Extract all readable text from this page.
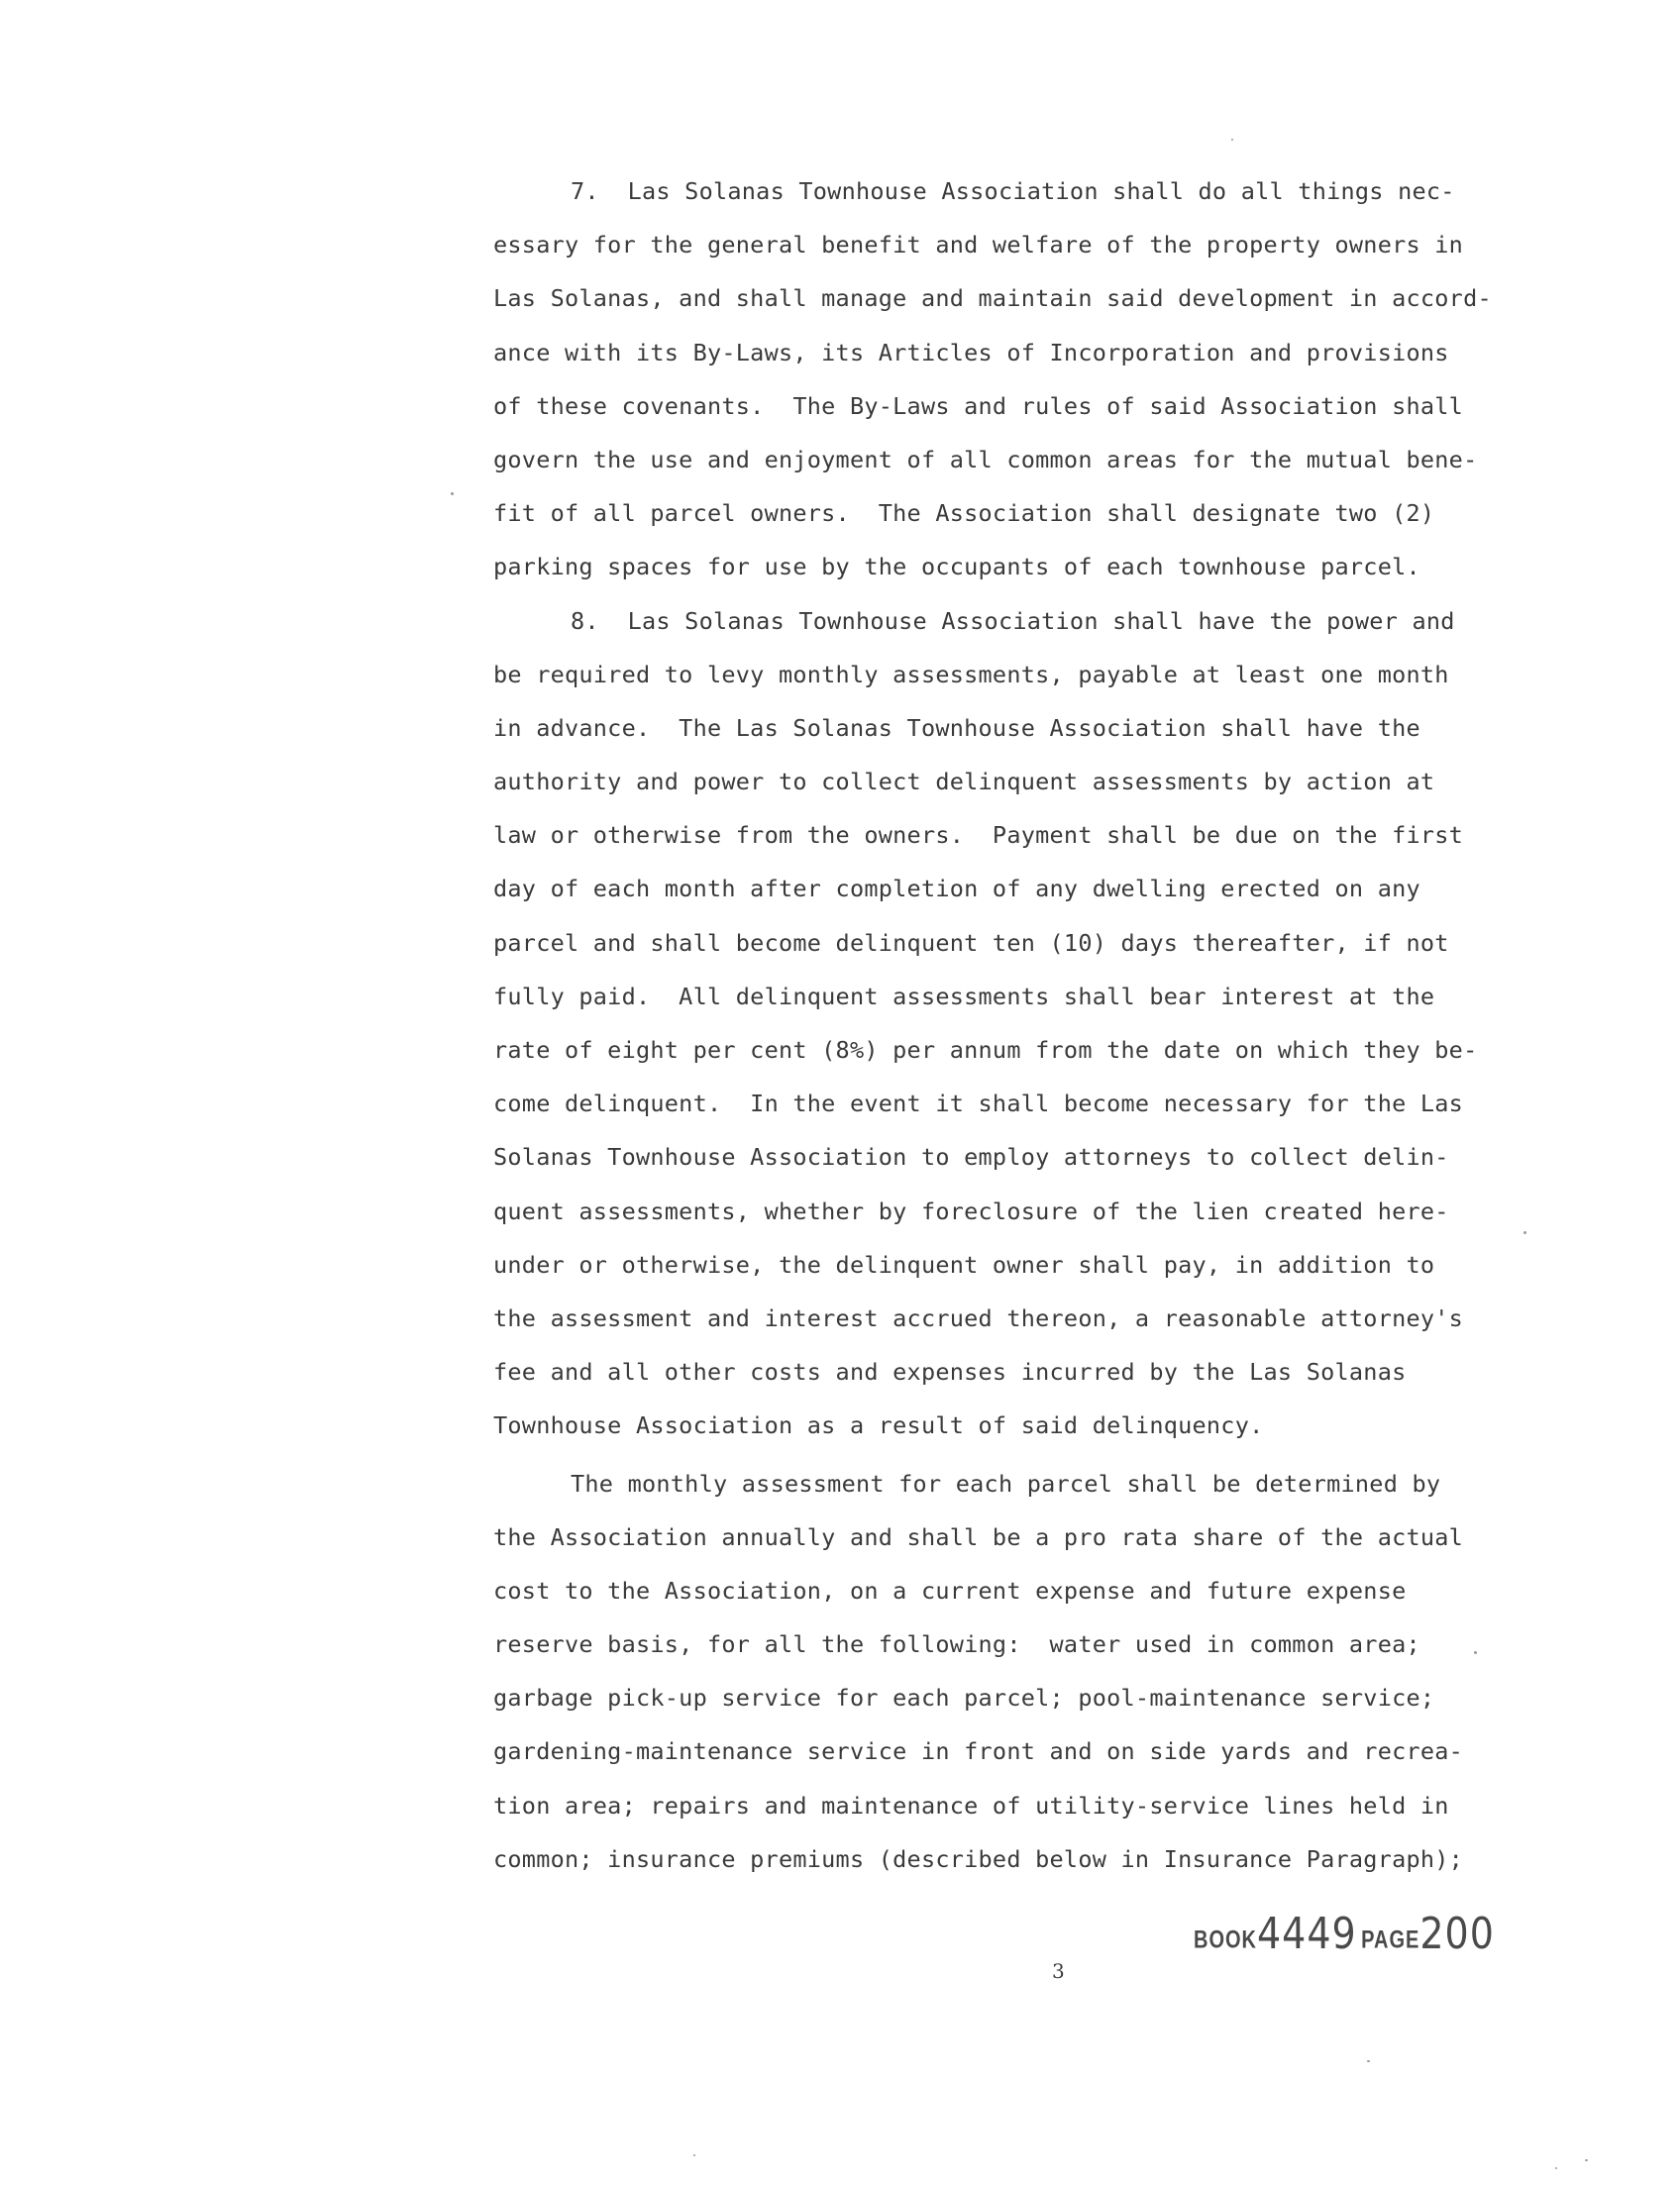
7.  Las Solanas Townhouse Association shall do all things nec-
essary for the general benefit and welfare of the property owners in
Las Solanas, and shall manage and maintain said development in accord-
ance with its By-Laws, its Articles of Incorporation and provisions
of these covenants.  The By-Laws and rules of said Association shall
govern the use and enjoyment of all common areas for the mutual bene-
fit of all parcel owners.  The Association shall designate two (2)
parking spaces for use by the occupants of each townhouse parcel.
8.  Las Solanas Townhouse Association shall have the power and
be required to levy monthly assessments, payable at least one month
in advance.  The Las Solanas Townhouse Association shall have the
authority and power to collect delinquent assessments by action at
law or otherwise from the owners.  Payment shall be due on the first
day of each month after completion of any dwelling erected on any
parcel and shall become delinquent ten (10) days thereafter, if not
fully paid.  All delinquent assessments shall bear interest at the
rate of eight per cent (8%) per annum from the date on which they be-
come delinquent.  In the event it shall become necessary for the Las
Solanas Townhouse Association to employ attorneys to collect delin-
quent assessments, whether by foreclosure of the lien created here-
under or otherwise, the delinquent owner shall pay, in addition to
the assessment and interest accrued thereon, a reasonable attorney's
fee and all other costs and expenses incurred by the Las Solanas
Townhouse Association as a result of said delinquency.
The monthly assessment for each parcel shall be determined by
the Association annually and shall be a pro rata share of the actual
cost to the Association, on a current expense and future expense
reserve basis, for all the following:  water used in common area;
garbage pick-up service for each parcel; pool-maintenance service;
gardening-maintenance service in front and on side yards and recrea-
tion area; repairs and maintenance of utility-service lines held in
common; insurance premiums (described below in Insurance Paragraph);
BOOK4449 PAGE200
3
